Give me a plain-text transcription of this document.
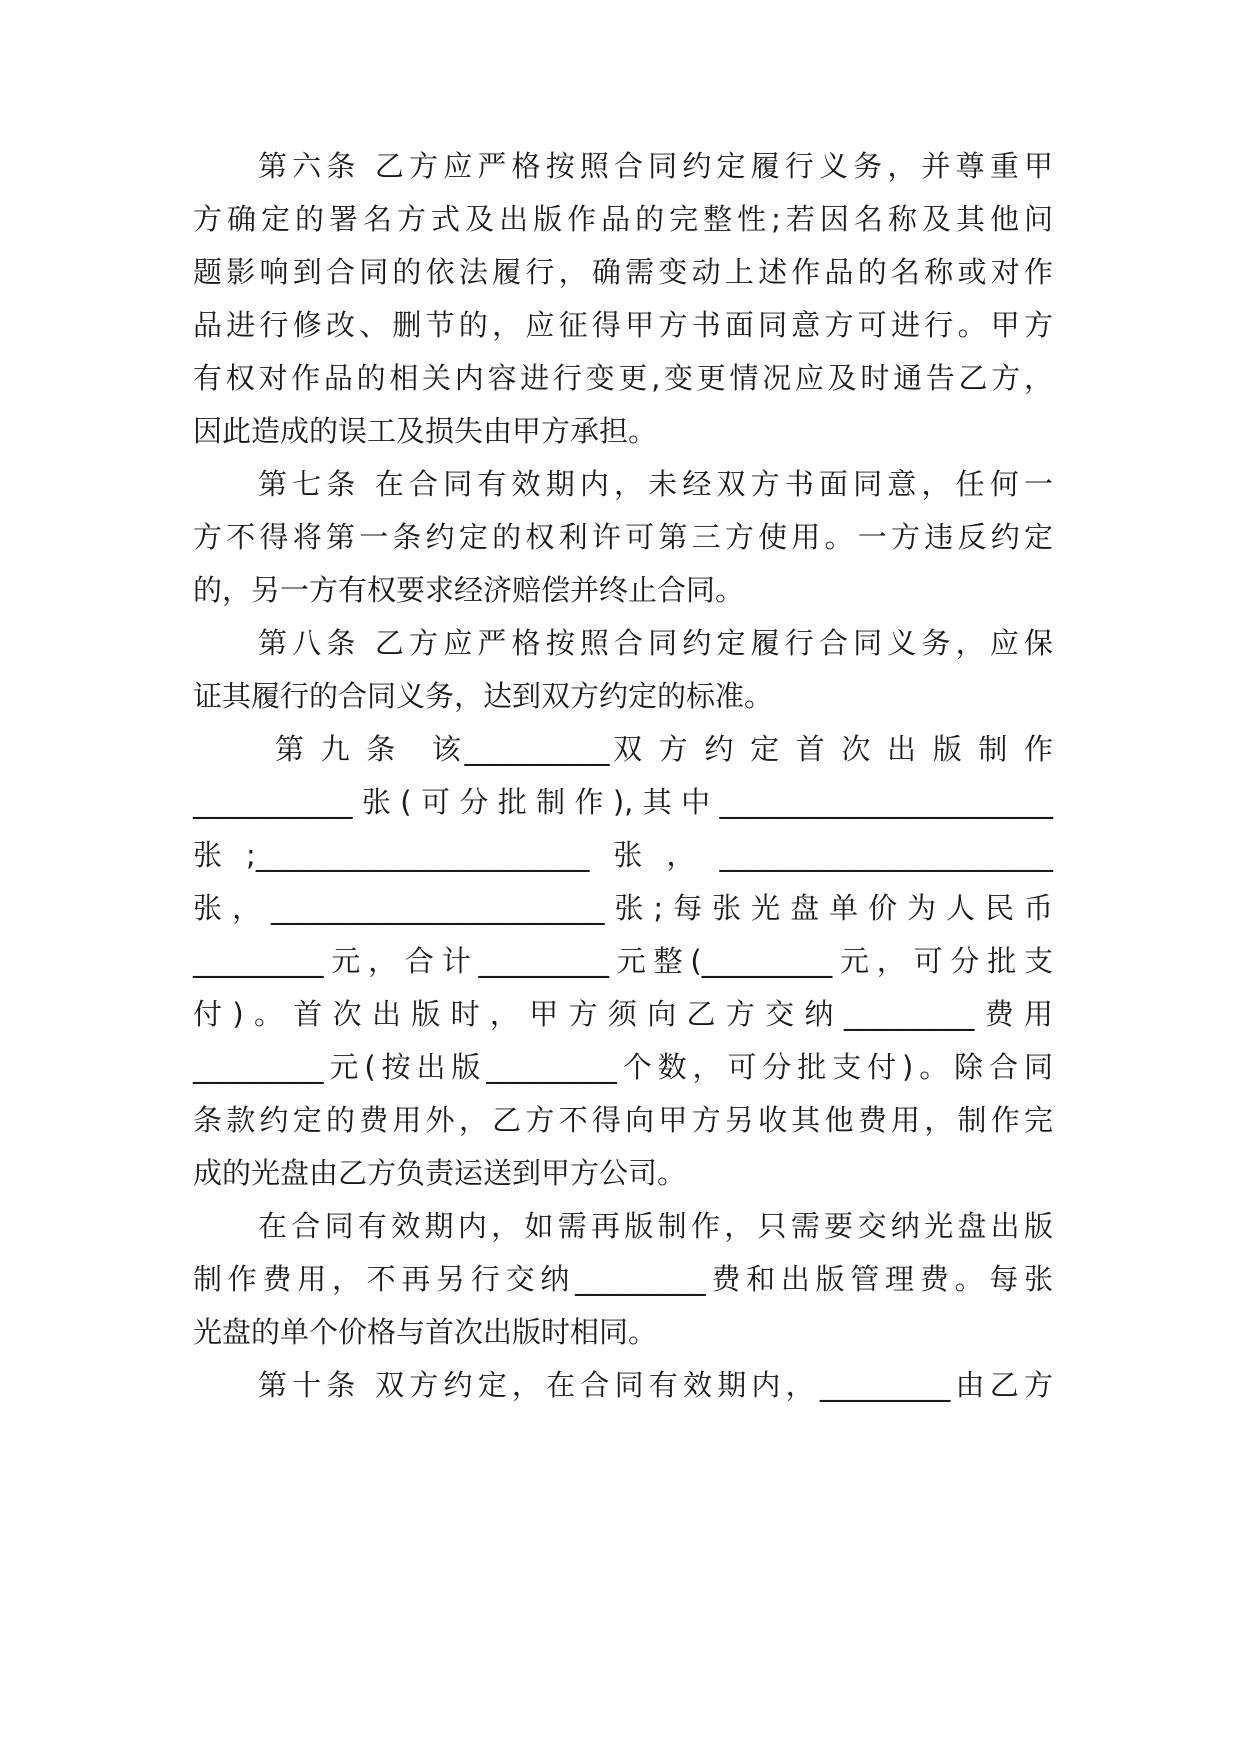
第六条 乙方应严格按照合同约定履行义务，并尊重甲
方确定的署名方式及出版作品的完整性;若因名称及其他问
题影响到合同的依法履行，确需变动上述作品的名称或对作
品进行修改、删节的，应征得甲方书面同意方可进行。甲方
有权对作品的相关内容进行变更,变更情况应及时通告乙方，
因此造成的误工及损失由甲方承担。
第七条 在合同有效期内，未经双方书面同意，任何一
方不得将第一条约定的权利许可第三方使用。一方违反约定
的，另一方有权要求经济赔偿并终止合同。
第八条 乙方应严格按照合同约定履行合同义务，应保
证其履行的合同义务，达到双方约定的标准。
第 九 条　该__________双 方 约 定 首 次 出 版 制 作
___________张(可分批制作),其中_______________________
张;_______________________张，_______________________
张，_______________________张;每张光盘单价为人民币
_________元，合计_________元整(_________元，可分批支
付)。首次出版时，甲方须向乙方交纳_________费用
_________元(按出版_________个数，可分批支付)。除合同
条款约定的费用外，乙方不得向甲方另收其他费用，制作完
成的光盘由乙方负责运送到甲方公司。
在合同有效期内，如需再版制作，只需要交纳光盘出版
制作费用，不再另行交纳_________费和出版管理费。每张
光盘的单个价格与首次出版时相同。
第十条 双方约定，在合同有效期内，_________由乙方
